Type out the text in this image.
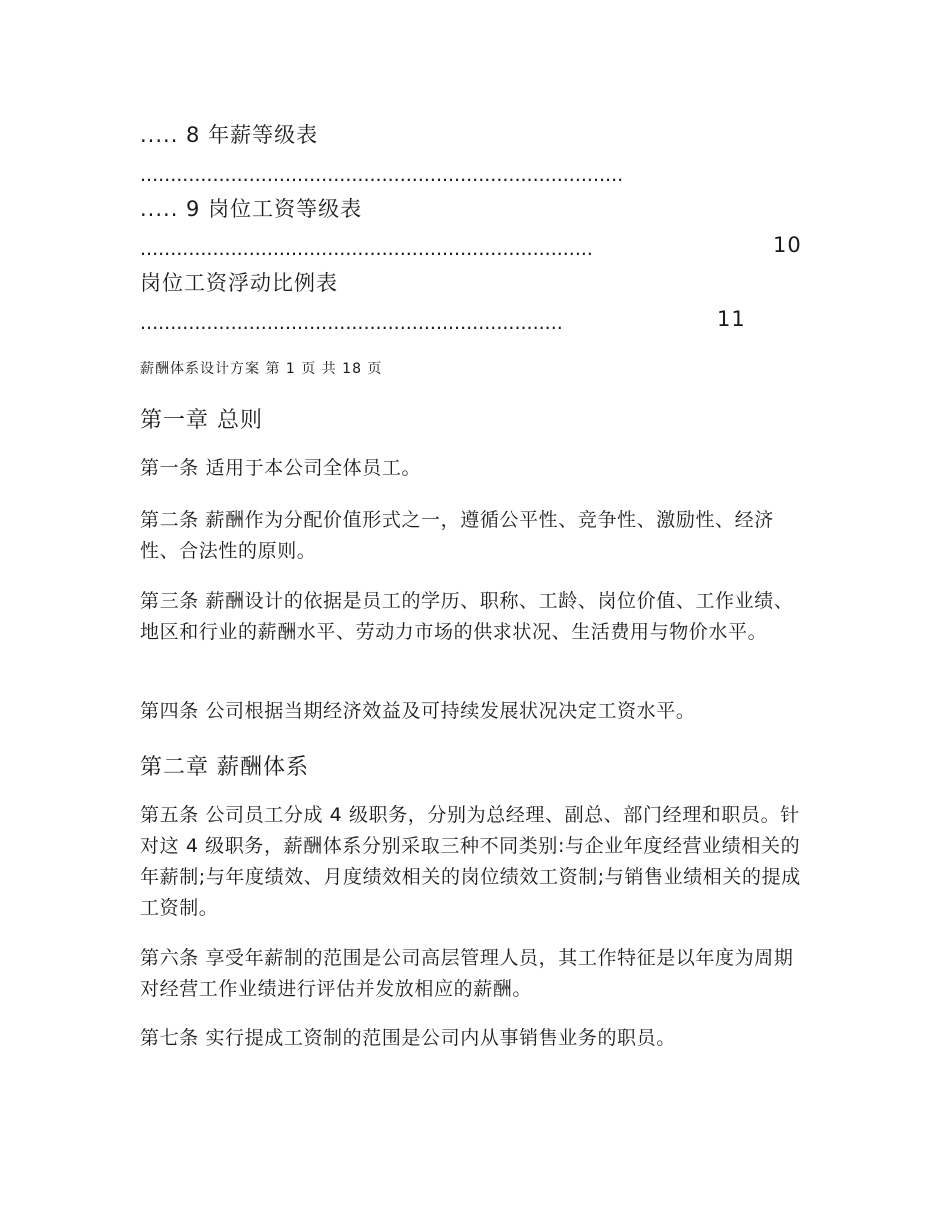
..... 8 年薪等级表
................................................................................
..... 9 岗位工资等级表
...........................................................................	10
岗位工资浮动比例表
......................................................................	11
薪酬体系设计方案 第 1 页 共 18 页
第一章 总则
第一条 适用于本公司全体员工。
第二条 薪酬作为分配价值形式之一，遵循公平性、竞争性、激励性、经济性、合法性的原则。
第三条 薪酬设计的依据是员工的学历、职称、工龄、岗位价值、工作业绩、地区和行业的薪酬水平、劳动力市场的供求状况、生活费用与物价水平。
第四条 公司根据当期经济效益及可持续发展状况决定工资水平。
第二章 薪酬体系
第五条 公司员工分成 4 级职务，分别为总经理、副总、部门经理和职员。针对这 4 级职务，薪酬体系分别采取三种不同类别:与企业年度经营业绩相关的年薪制;与年度绩效、月度绩效相关的岗位绩效工资制;与销售业绩相关的提成工资制。
第六条 享受年薪制的范围是公司高层管理人员，其工作特征是以年度为周期对经营工作业绩进行评估并发放相应的薪酬。
第七条 实行提成工资制的范围是公司内从事销售业务的职员。
